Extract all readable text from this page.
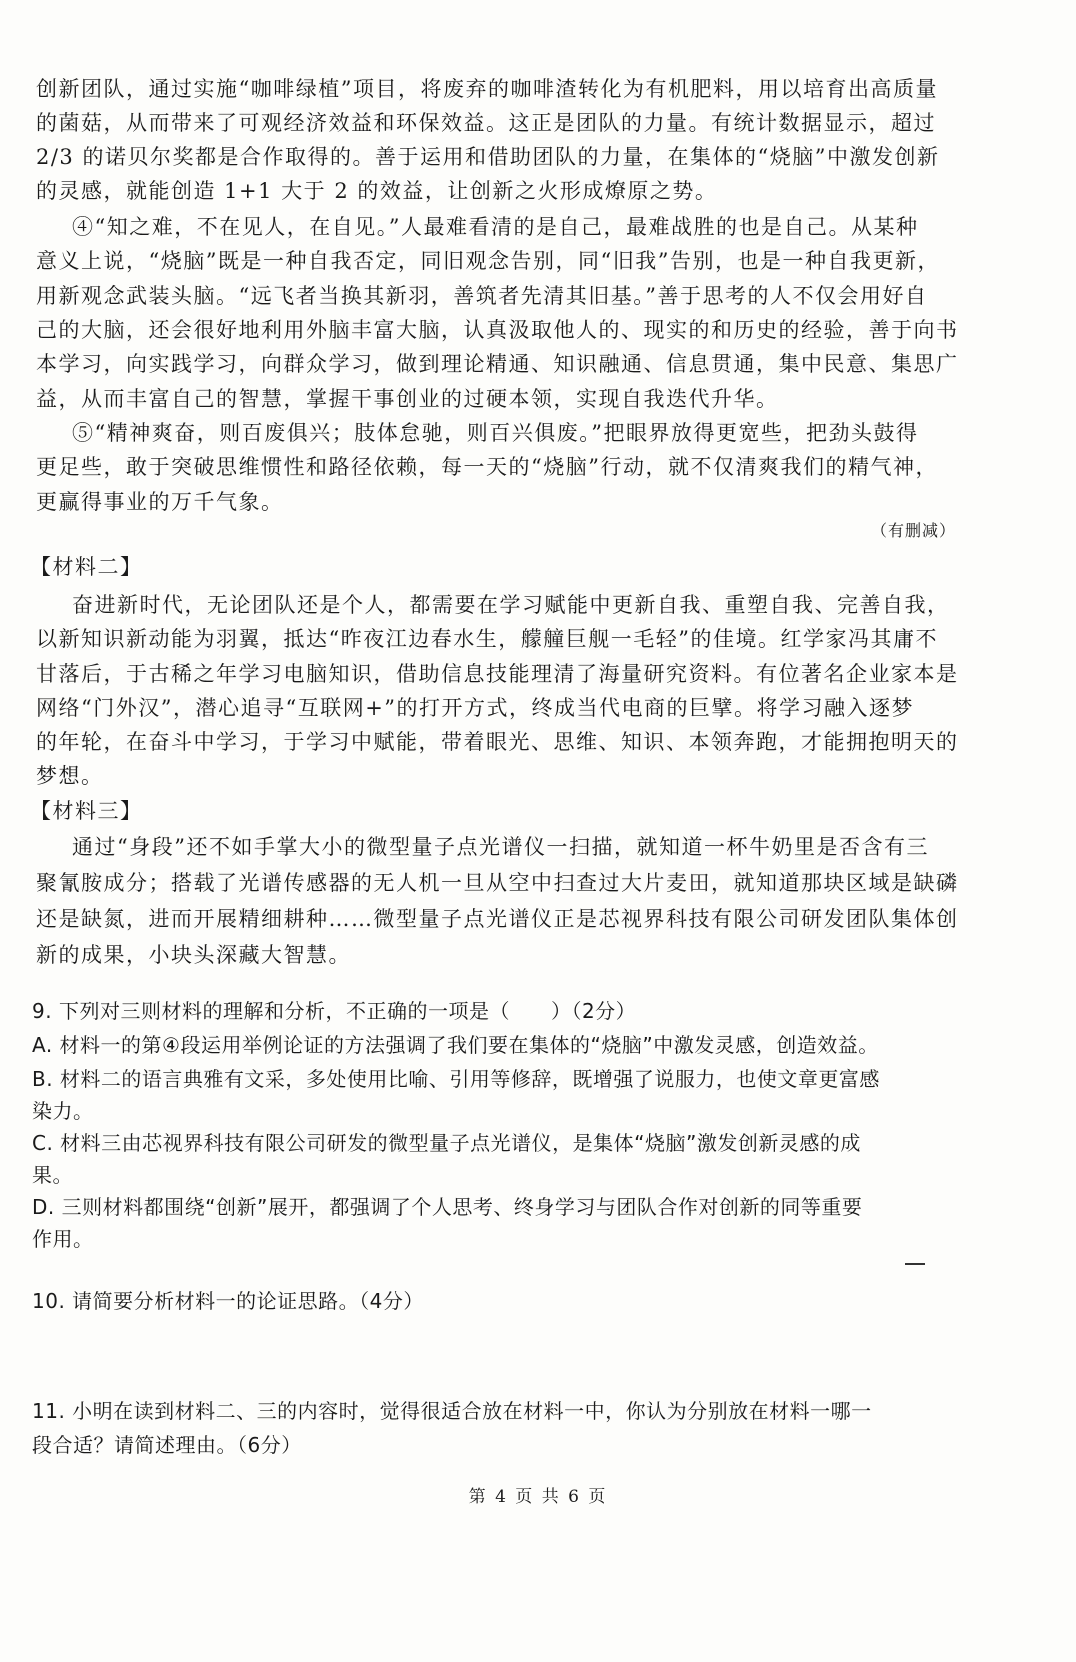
创新团队，通过实施“咖啡绿植”项目，将废弃的咖啡渣转化为有机肥料，用以培育出高质量
的菌菇，从而带来了可观经济效益和环保效益。这正是团队的力量。有统计数据显示，超过
2/3 的诺贝尔奖都是合作取得的。善于运用和借助团队的力量，在集体的“烧脑”中激发创新
的灵感，就能创造 1+1 大于 2 的效益，让创新之火形成燎原之势。
④“知之难，不在见人，在自见。”人最难看清的是自己，最难战胜的也是自己。从某种
意义上说，“烧脑”既是一种自我否定，同旧观念告别，同“旧我”告别，也是一种自我更新，
用新观念武装头脑。“远飞者当换其新羽，善筑者先清其旧基。”善于思考的人不仅会用好自
己的大脑，还会很好地利用外脑丰富大脑，认真汲取他人的、现实的和历史的经验，善于向书
本学习，向实践学习，向群众学习，做到理论精通、知识融通、信息贯通，集中民意、集思广
益，从而丰富自己的智慧，掌握干事创业的过硬本领，实现自我迭代升华。
⑤“精神爽奋，则百废俱兴；肢体怠驰，则百兴俱废。”把眼界放得更宽些，把劲头鼓得
更足些，敢于突破思维惯性和路径依赖，每一天的“烧脑”行动，就不仅清爽我们的精气神，
更赢得事业的万千气象。
（有删减）
【材料二】
奋进新时代，无论团队还是个人，都需要在学习赋能中更新自我、重塑自我、完善自我，
以新知识新动能为羽翼，抵达“昨夜江边春水生，艨艟巨舰一毛轻”的佳境。红学家冯其庸不
甘落后，于古稀之年学习电脑知识，借助信息技能理清了海量研究资料。有位著名企业家本是
网络“门外汉”，潜心追寻“互联网+”的打开方式，终成当代电商的巨擘。将学习融入逐梦
的年轮，在奋斗中学习，于学习中赋能，带着眼光、思维、知识、本领奔跑，才能拥抱明天的
梦想。
【材料三】
通过“身段”还不如手掌大小的微型量子点光谱仪一扫描，就知道一杯牛奶里是否含有三
聚氰胺成分；搭载了光谱传感器的无人机一旦从空中扫查过大片麦田，就知道那块区域是缺磷
还是缺氮，进而开展精细耕种……微型量子点光谱仪正是芯视界科技有限公司研发团队集体创
新的成果，小块头深藏大智慧。
9. 下列对三则材料的理解和分析，不正确的一项是（　　）（2分）
A. 材料一的第④段运用举例论证的方法强调了我们要在集体的“烧脑”中激发灵感，创造效益。
B. 材料二的语言典雅有文采，多处使用比喻、引用等修辞，既增强了说服力，也使文章更富感
染力。
C. 材料三由芯视界科技有限公司研发的微型量子点光谱仪，是集体“烧脑”激发创新灵感的成
果。
D. 三则材料都围绕“创新”展开，都强调了个人思考、终身学习与团队合作对创新的同等重要
作用。
10. 请简要分析材料一的论证思路。（4分）
11. 小明在读到材料二、三的内容时，觉得很适合放在材料一中，你认为分别放在材料一哪一
段合适？请简述理由。（6分）
第 4 页 共 6 页
